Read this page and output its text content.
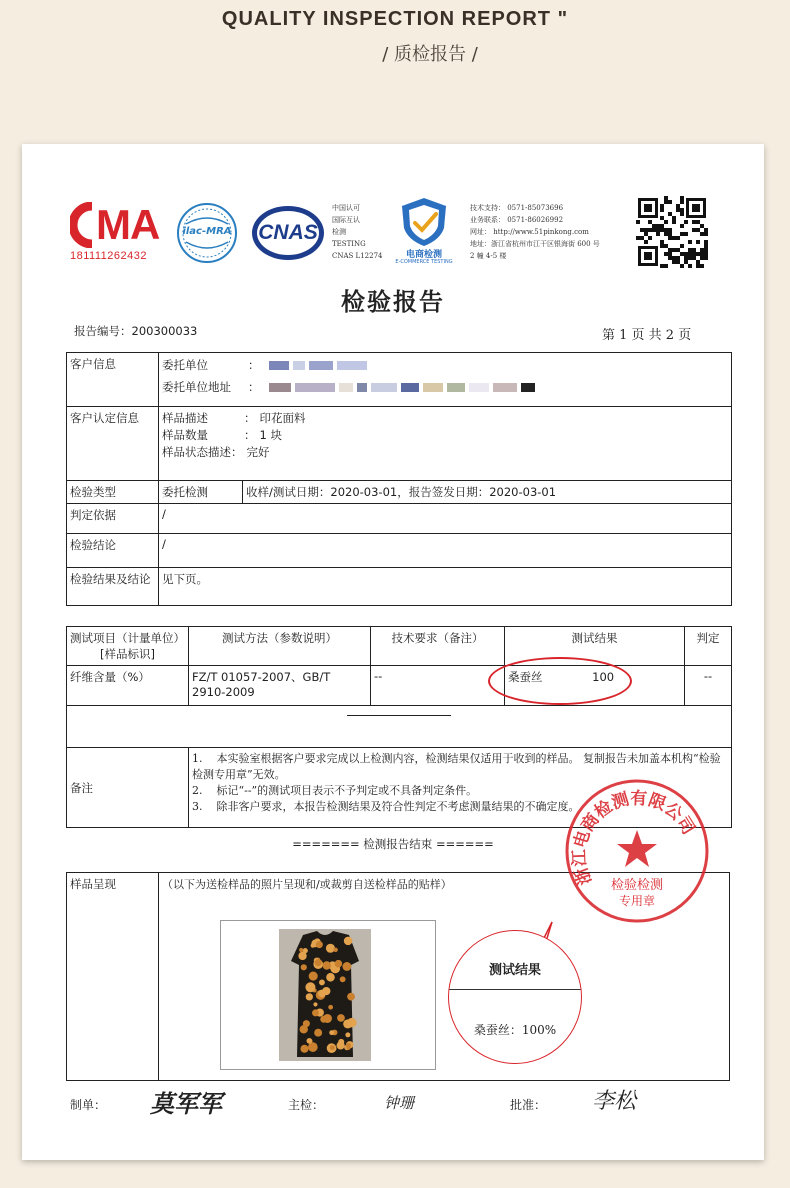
QUALITY INSPECTION REPORT "
/ 质检报告 /
MA
181111262432
ilac-MRA	CNAS
中国认可
国际互认
检测
TESTING
CNAS L12274	电商检测
E-COMMERCE TESTING
技术支持： 0571-85073696
业务联系： 0571-86026992
网址： http://www.51pinkong.com
地址：浙江省杭州市江干区银海街 600 号
2 幢 4-5 楼
检验报告
报告编号：200300033	第 1 页 共 2 页
客户信息	委托单位 ：
委托单位地址 ：	

客户认定信息	样品描述 ： 印花面料
样品数量 ： 1 块
样品状态描述： 完好	

检验类型	委托检测	收样/测试日期：2020-03-01，报告签发日期：2020-03-01
判定依据	/	
检验结论	/	
检验结果及结论	见下页。	
测试项目（计量单位）[样品标识]	测试方法（参数说明）	技术要求（备注）	测试结果	判定
纤维含量（%）	FZ/T 01057-2007、GB/T 2910-2009	--	桑蚕丝 100	--

备注	1.    本实验室根据客户要求完成以上检测内容，检测结果仅适用于收到的样品。 复制报告未加盖本机构“检验检测专用章”无效。
2.    标记“--”的测试项目表示不予判定或不具备判定条件。
3.    除非客户要求，本报告检测结果及符合性判定不考虑测量结果的不确定度。			
======= 检测报告结束 ======
样品呈现	（以下为送检样品的照片呈现和/或裁剪自送检样品的贴样）
测试结果
桑蚕丝：100%
浙江电商检测有限公司
检验检测
专用章
制单： 莫军军	主检：	钟珊	批准： 李松
